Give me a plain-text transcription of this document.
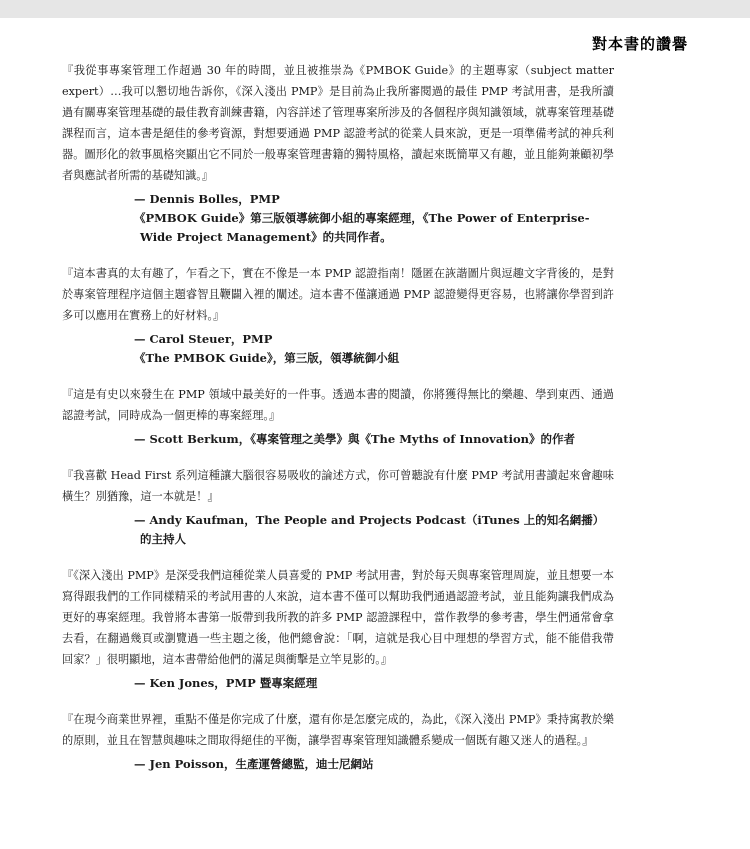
對本書的讚譽

『我從事專案管理工作超過 30 年的時間，並且被推崇為《PMBOK Guide》的主題專家（subject matter expert）…我可以懇切地告訴你，《深入淺出 PMP》是目前為止我所審閱過的最佳 PMP 考試用書，是我所讀過有關專案管理基礎的最佳教育訓練書籍，內容詳述了管理專案所涉及的各個程序與知識領域，就專案管理基礎課程而言，這本書是絕佳的參考資源，對想要通過 PMP 認證考試的從業人員來說，更是一項準備考試的神兵利器。圖形化的敘事風格突顯出它不同於一般專案管理書籍的獨特風格，讀起來既簡單又有趣，並且能夠兼顧初學者與應試者所需的基礎知識。』

— Dennis Bolles，PMP
《PMBOK Guide》第三版領導統御小組的專案經理，《The Power of Enterprise-
Wide Project Management》的共同作者。

『這本書真的太有趣了，乍看之下，實在不像是一本 PMP 認證指南！隱匿在詼諧圖片與逗趣文字背後的，是對於專案管理程序這個主題睿智且鞭闢入裡的闡述。這本書不僅讓通過 PMP 認證變得更容易，也將讓你學習到許多可以應用在實務上的好材料。』

— Carol Steuer，PMP
《The PMBOK Guide》，第三版，領導統御小組

『這是有史以來發生在 PMP 領域中最美好的一件事。透過本書的閱讀，你將獲得無比的樂趣、學到東西、通過認證考試，同時成為一個更棒的專案經理。』

— Scott Berkum，《專案管理之美學》與《The Myths of Innovation》的作者

『我喜歡 Head First 系列這種讓大腦很容易吸收的論述方式，你可曾聽說有什麼 PMP 考試用書讀起來會趣味橫生？別猶豫，這一本就是！』

— Andy Kaufman，The People and Projects Podcast（iTunes 上的知名網播）
的主持人

『《深入淺出 PMP》是深受我們這種從業人員喜愛的 PMP 考試用書，對於每天與專案管理周旋，並且想要一本寫得跟我們的工作同樣精采的考試用書的人來說，這本書不僅可以幫助我們通過認證考試，並且能夠讓我們成為更好的專案經理。我曾將本書第一版帶到我所教的許多 PMP 認證課程中，當作教學的參考書，學生們通常會拿去看，在翻過幾頁或瀏覽過一些主題之後，他們總會說：「啊，這就是我心目中理想的學習方式，能不能借我帶回家？」很明顯地，這本書帶給他們的滿足與衝擊是立竿見影的。』

— Ken Jones，PMP 暨專案經理

『在現今商業世界裡，重點不僅是你完成了什麼，還有你是怎麼完成的，為此，《深入淺出 PMP》秉持寓教於樂的原則，並且在智慧與趣味之間取得絕佳的平衡，讓學習專案管理知識體系變成一個既有趣又迷人的過程。』

— Jen Poisson，生產運營總監，迪士尼網站
